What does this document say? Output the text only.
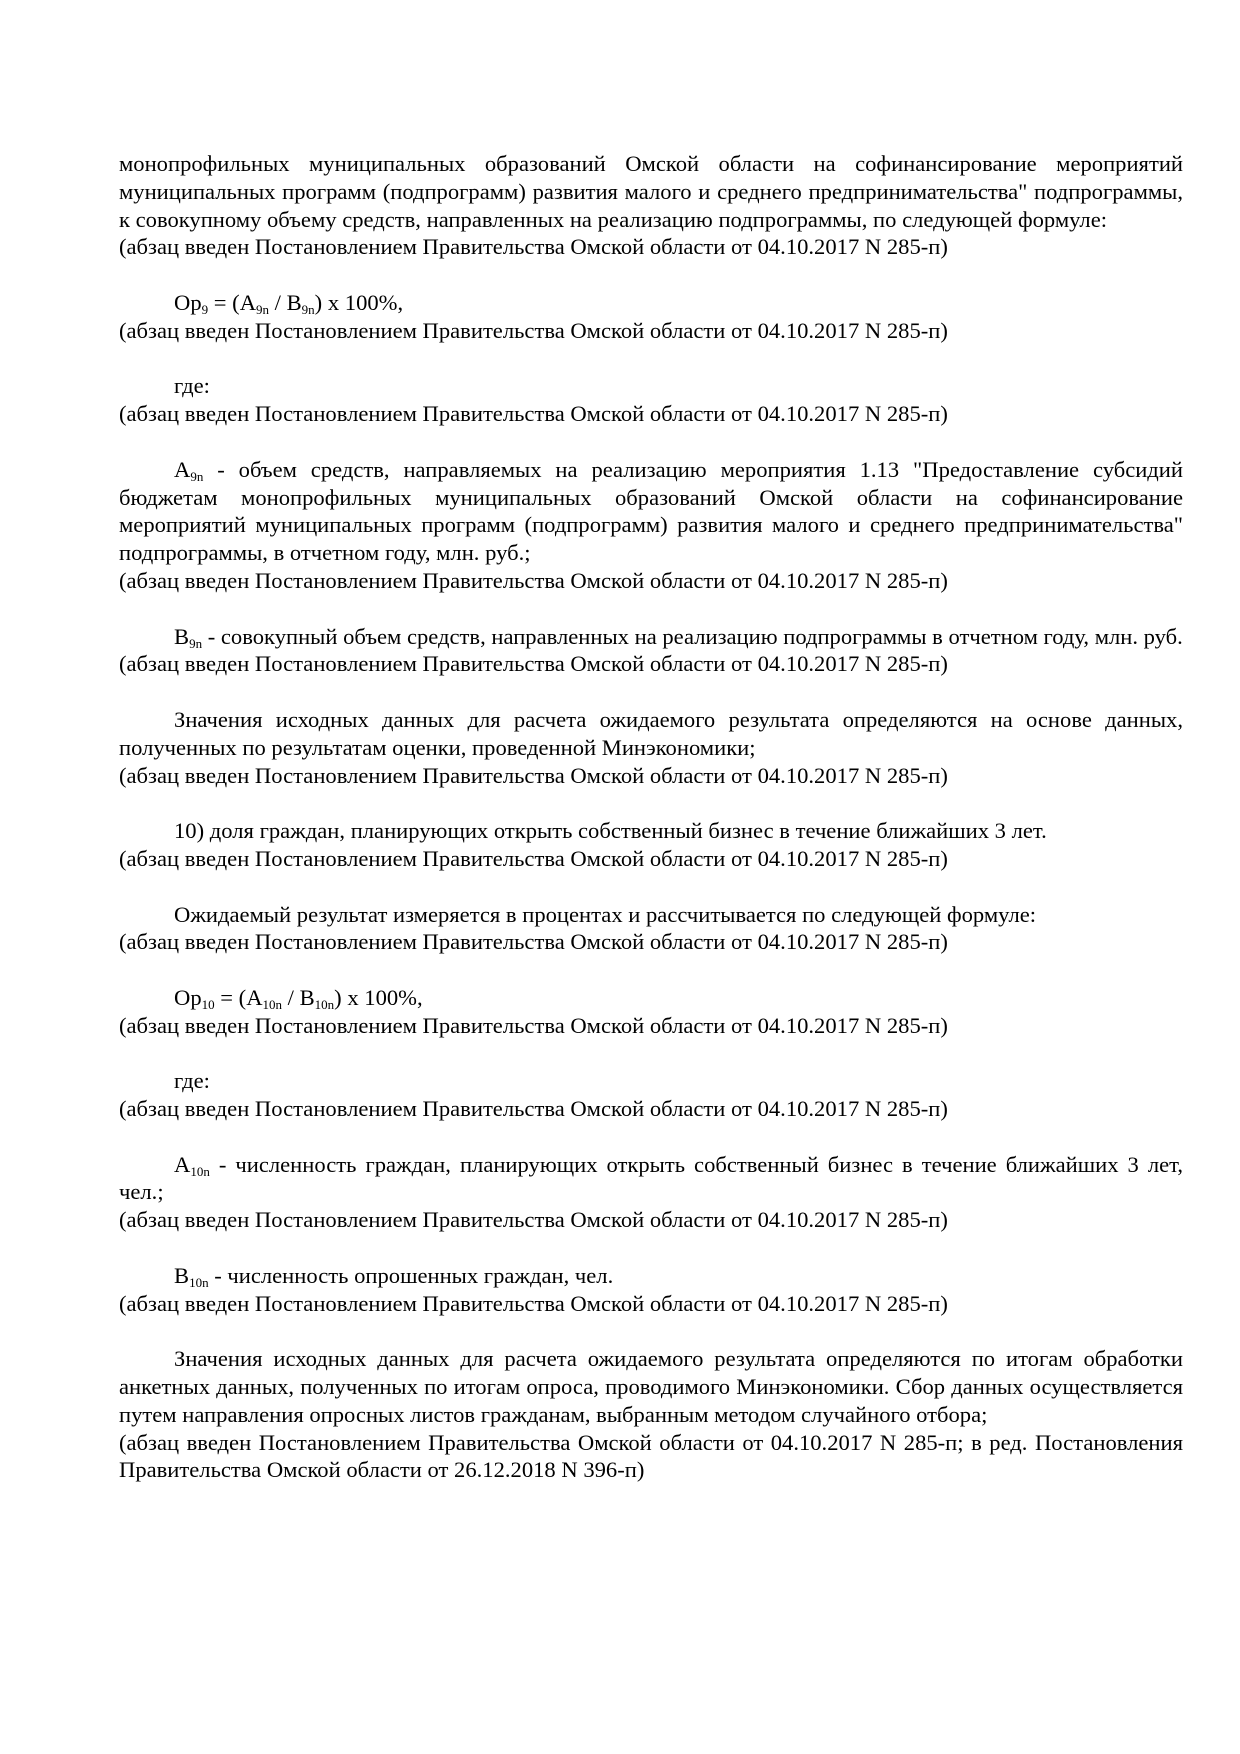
монопрофильных муниципальных образований Омской области на софинансирование мероприятий муниципальных программ (подпрограмм) развития малого и среднего предпринимательства" подпрограммы, к совокупному объему средств, направленных на реализацию подпрограммы, по следующей формуле:

(абзац введен Постановлением Правительства Омской области от 04.10.2017 N 285-п)

Op9 = (A9n / B9n) x 100%,

(абзац введен Постановлением Правительства Омской области от 04.10.2017 N 285-п)

где:

(абзац введен Постановлением Правительства Омской области от 04.10.2017 N 285-п)

A9n - объем средств, направляемых на реализацию мероприятия 1.13 "Предоставление субсидий бюджетам монопрофильных муниципальных образований Омской области на софинансирование мероприятий муниципальных программ (подпрограмм) развития малого и среднего предпринимательства" подпрограммы, в отчетном году, млн. руб.;

(абзац введен Постановлением Правительства Омской области от 04.10.2017 N 285-п)

B9n - совокупный объем средств, направленных на реализацию подпрограммы в отчетном году, млн. руб.

(абзац введен Постановлением Правительства Омской области от 04.10.2017 N 285-п)

Значения исходных данных для расчета ожидаемого результата определяются на основе данных, полученных по результатам оценки, проведенной Минэкономики;

(абзац введен Постановлением Правительства Омской области от 04.10.2017 N 285-п)

10) доля граждан, планирующих открыть собственный бизнес в течение ближайших 3 лет.

(абзац введен Постановлением Правительства Омской области от 04.10.2017 N 285-п)

Ожидаемый результат измеряется в процентах и рассчитывается по следующей формуле:

(абзац введен Постановлением Правительства Омской области от 04.10.2017 N 285-п)

Op10 = (A10n / B10n) x 100%,

(абзац введен Постановлением Правительства Омской области от 04.10.2017 N 285-п)

где:

(абзац введен Постановлением Правительства Омской области от 04.10.2017 N 285-п)

A10n - численность граждан, планирующих открыть собственный бизнес в течение ближайших 3 лет, чел.;

(абзац введен Постановлением Правительства Омской области от 04.10.2017 N 285-п)

B10n - численность опрошенных граждан, чел.

(абзац введен Постановлением Правительства Омской области от 04.10.2017 N 285-п)

Значения исходных данных для расчета ожидаемого результата определяются по итогам обработки анкетных данных, полученных по итогам опроса, проводимого Минэкономики. Сбор данных осуществляется путем направления опросных листов гражданам, выбранным методом случайного отбора;

(абзац введен Постановлением Правительства Омской области от 04.10.2017 N 285-п; в ред. Постановления Правительства Омской области от 26.12.2018 N 396-п)
